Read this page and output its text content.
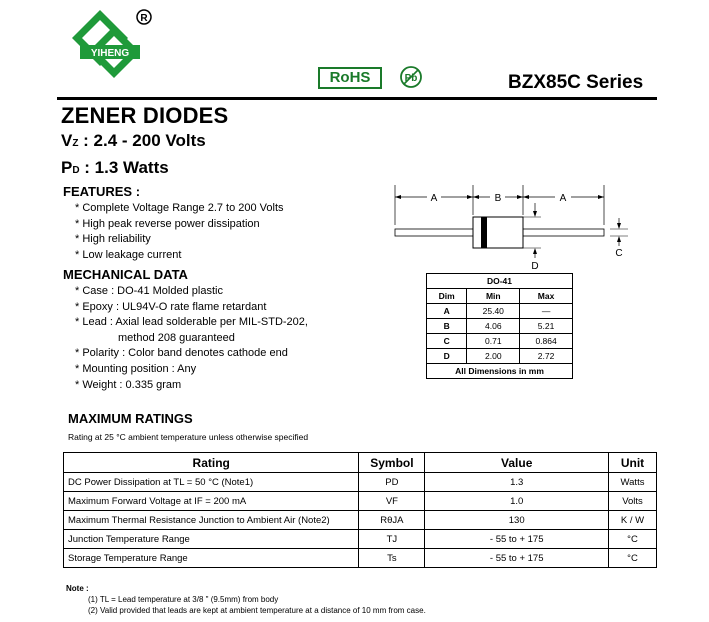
YIHENG
R
RoHS	Pb	BZX85C Series
ZENER DIODES
VZ : 2.4 - 200 Volts
PD : 1.3 Watts
FEATURES :
* Complete Voltage Range 2.7 to 200 Volts
* High peak reverse power dissipation
* High reliability
* Low leakage current
MECHANICAL DATA
* Case : DO-41 Molded plastic
* Epoxy : UL94V-O rate flame retardant
* Lead : Axial lead solderable per MIL-STD-202,
method 208 guaranteed
* Polarity : Color band denotes cathode end
* Mounting position : Any
* Weight : 0.335 gram
A	B	A
D
C
DO-41		
Dim	Min	Max
A	25.40	—
B	4.06	5.21
C	0.71	0.864
D	2.00	2.72
All Dimensions in mm		
MAXIMUM RATINGS
Rating at 25 °C ambient temperature unless otherwise specified
Rating	Symbol	Value	Unit
DC Power Dissipation at TL = 50 °C (Note1)	PD	1.3	Watts
Maximum Forward Voltage at IF = 200 mA	VF	1.0	Volts
Maximum Thermal Resistance Junction to Ambient Air (Note2)	RθJA	130	K / W
Junction Temperature Range	TJ	- 55 to + 175	°C
Storage Temperature Range	Ts	- 55 to + 175	°C
Note :
(1) TL = Lead temperature at 3/8 " (9.5mm) from body
(2) Valid provided that leads are kept at ambient temperature at a distance of 10 mm from case.
